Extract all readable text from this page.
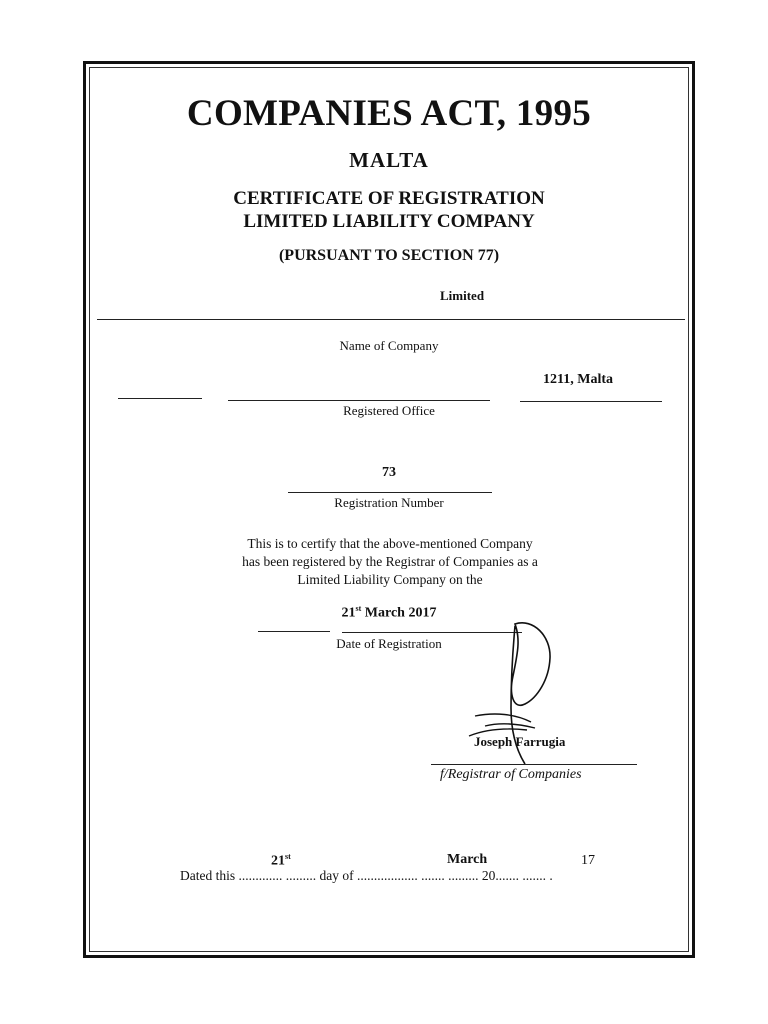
COMPANIES ACT, 1995
MALTA
CERTIFICATE OF REGISTRATION
LIMITED LIABILITY COMPANY
(PURSUANT TO SECTION 77)
Limited
Name of Company
1211, Malta
Registered Office
73
Registration Number
This is to certify that the above-mentioned Company
has been registered by the Registrar of Companies as a
Limited Liability Company on the
21st March 2017
Date of Registration
Joseph Farrugia
f/Registrar of Companies
21st	March	17
Dated this ............. ......... day of .................. ....... ......... 20....... ....... .
